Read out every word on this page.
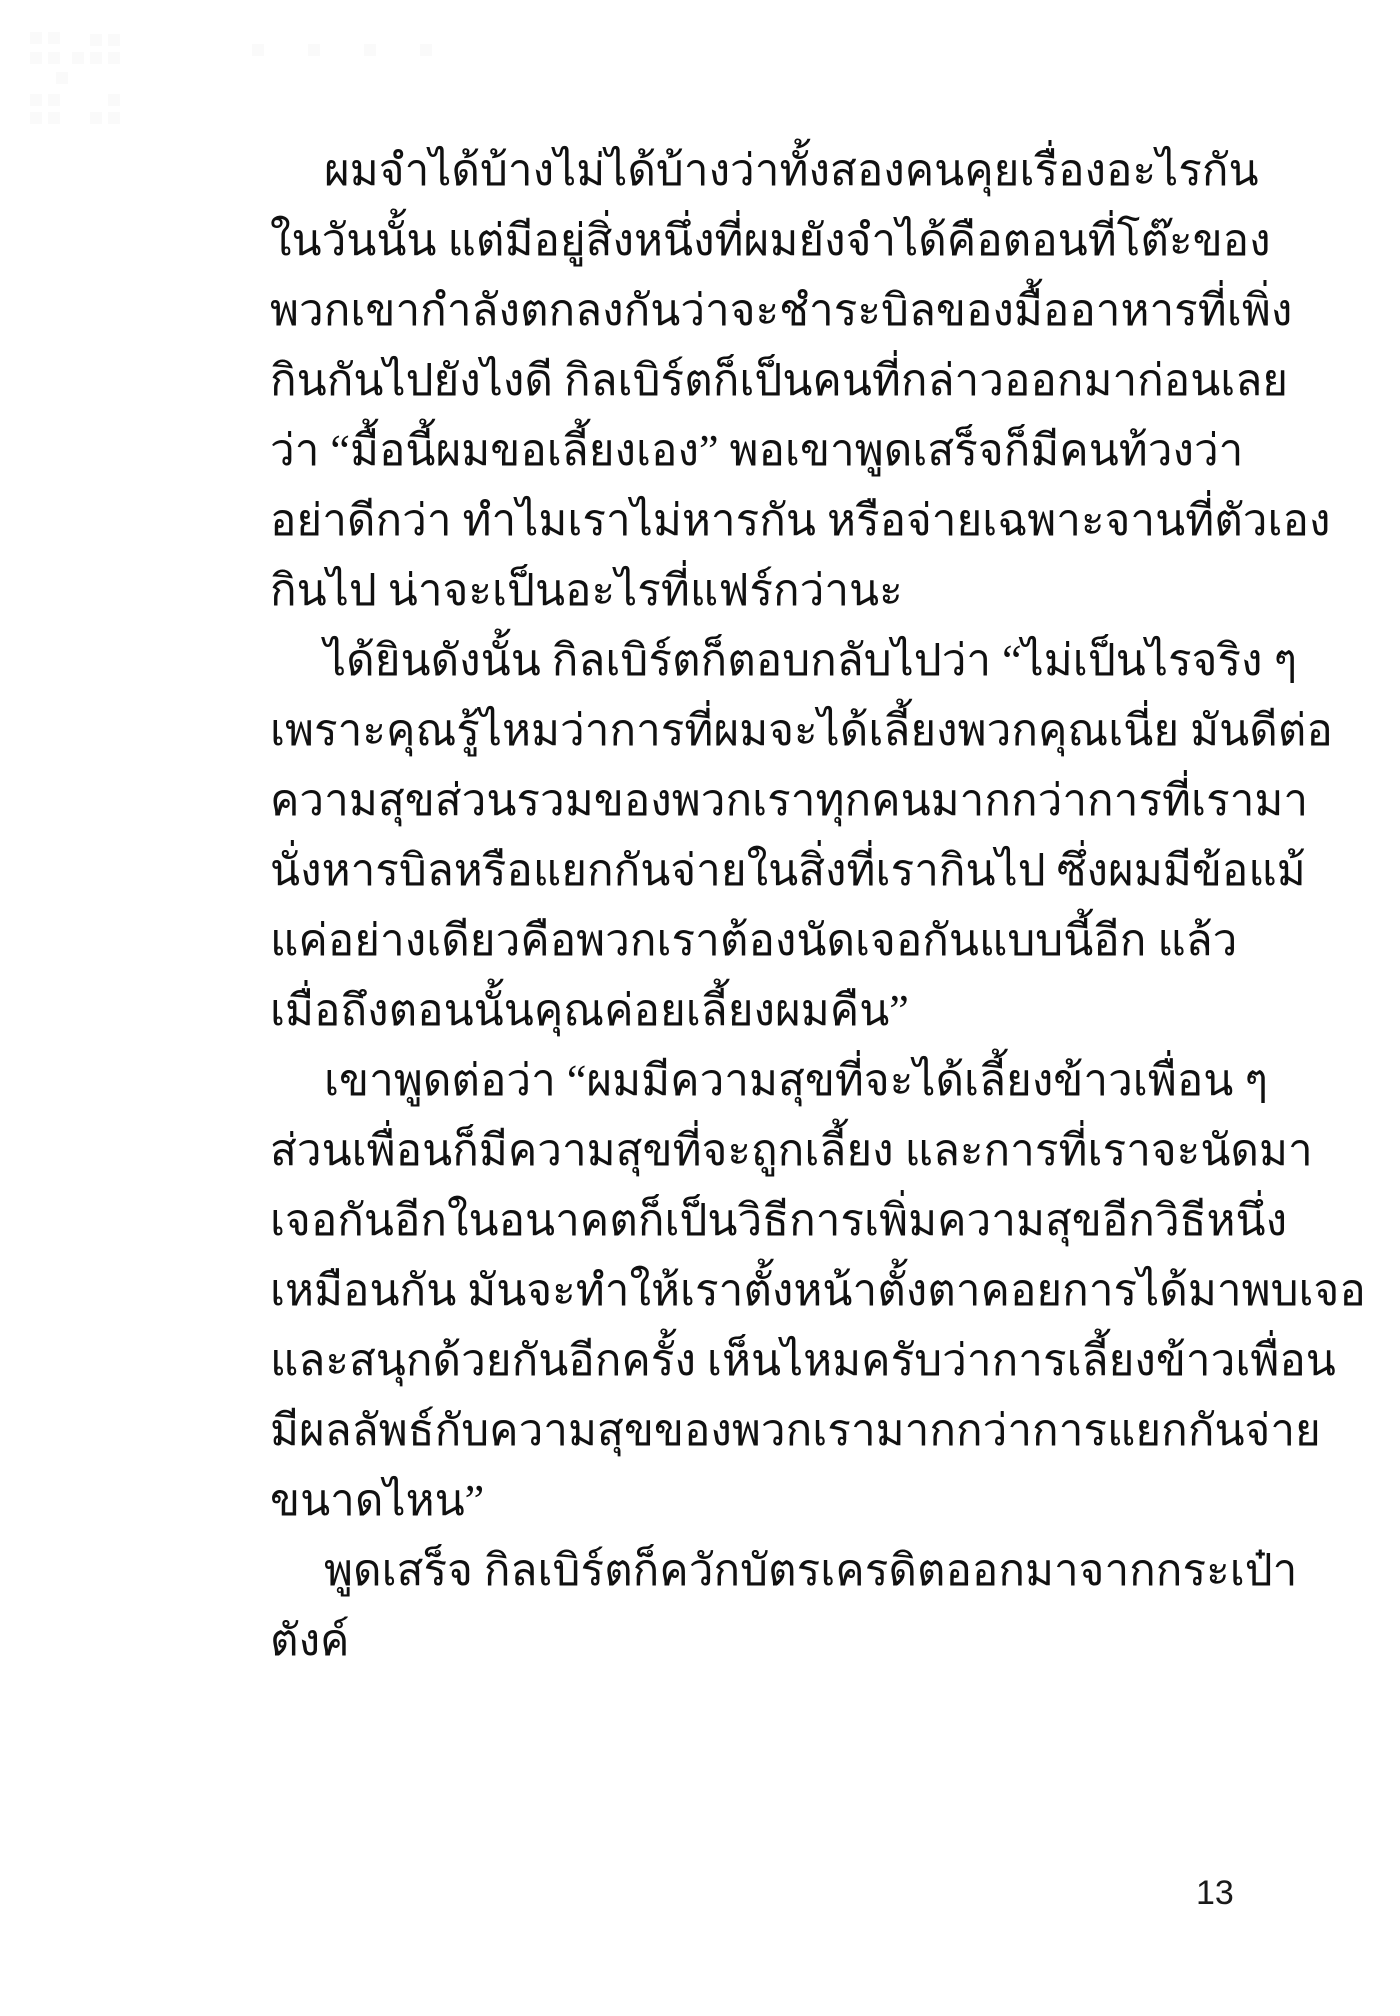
ผมจำได้บ้างไม่ได้บ้างว่าทั้งสองคนคุยเรื่องอะไรกัน
ในวันนั้น แต่มีอยู่สิ่งหนึ่งที่ผมยังจำได้คือตอนที่โต๊ะของ
พวกเขากำลังตกลงกันว่าจะชำระบิลของมื้ออาหารที่เพิ่ง
กินกันไปยังไงดี กิลเบิร์ตก็เป็นคนที่กล่าวออกมาก่อนเลย
ว่า “มื้อนี้ผมขอเลี้ยงเอง” พอเขาพูดเสร็จก็มีคนท้วงว่า
อย่าดีกว่า ทำไมเราไม่หารกัน หรือจ่ายเฉพาะจานที่ตัวเอง
กินไป น่าจะเป็นอะไรที่แฟร์กว่านะ
ได้ยินดังนั้น กิลเบิร์ตก็ตอบกลับไปว่า “ไม่เป็นไรจริง ๆ
เพราะคุณรู้ไหมว่าการที่ผมจะได้เลี้ยงพวกคุณเนี่ย มันดีต่อ
ความสุขส่วนรวมของพวกเราทุกคนมากกว่าการที่เรามา
นั่งหารบิลหรือแยกกันจ่ายในสิ่งที่เรากินไป ซึ่งผมมีข้อแม้
แค่อย่างเดียวคือพวกเราต้องนัดเจอกันแบบนี้อีก แล้ว
เมื่อถึงตอนนั้นคุณค่อยเลี้ยงผมคืน”
เขาพูดต่อว่า “ผมมีความสุขที่จะได้เลี้ยงข้าวเพื่อน ๆ
ส่วนเพื่อนก็มีความสุขที่จะถูกเลี้ยง และการที่เราจะนัดมา
เจอกันอีกในอนาคตก็เป็นวิธีการเพิ่มความสุขอีกวิธีหนึ่ง
เหมือนกัน มันจะทำให้เราตั้งหน้าตั้งตาคอยการได้มาพบเจอ
และสนุกด้วยกันอีกครั้ง เห็นไหมครับว่าการเลี้ยงข้าวเพื่อน
มีผลลัพธ์กับความสุขของพวกเรามากกว่าการแยกกันจ่าย
ขนาดไหน”
พูดเสร็จ กิลเบิร์ตก็ควักบัตรเครดิตออกมาจากกระเป๋า
ตังค์
13
